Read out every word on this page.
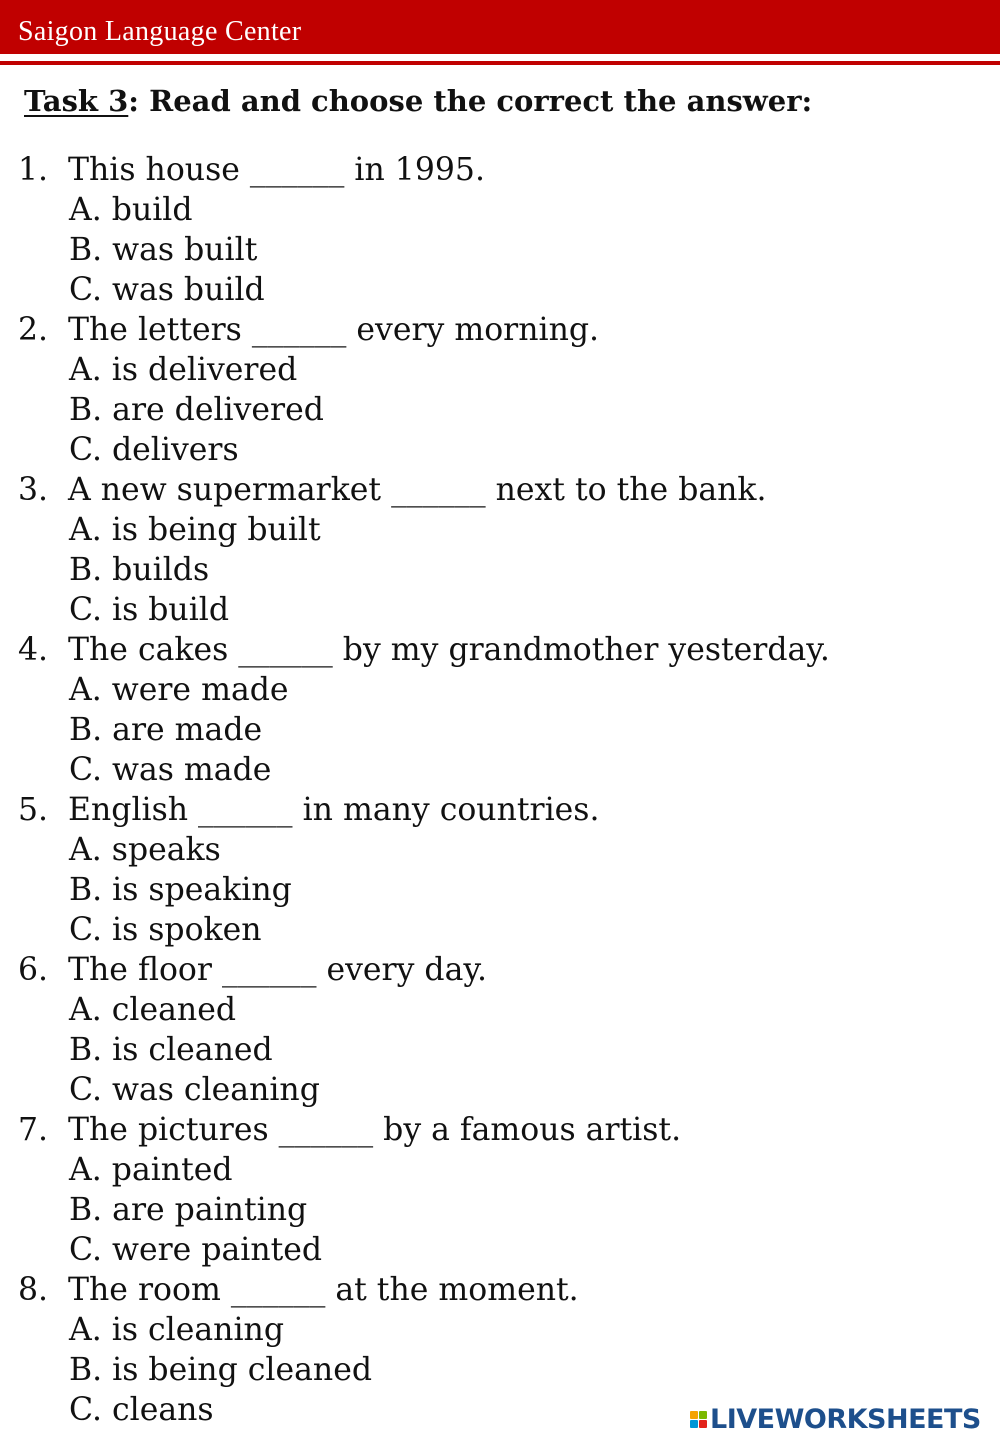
Saigon Language Center
Task 3: Read and choose the correct the answer:
1. This house ______ in 1995.
A. build
B. was built
C. was build
2. The letters ______ every morning.
A. is delivered
B. are delivered
C. delivers
3. A new supermarket ______ next to the bank.
A. is being built
B. builds
C. is build
4. The cakes ______ by my grandmother yesterday.
A. were made
B. are made
C. was made
5. English ______ in many countries.
A. speaks
B. is speaking
C. is spoken
6. The floor ______ every day.
A. cleaned
B. is cleaned
C. was cleaning
7. The pictures ______ by a famous artist.
A. painted
B. are painting
C. were painted
8. The room ______ at the moment.
A. is cleaning
B. is being cleaned
C. cleans	LIVEWORKSHEETS
